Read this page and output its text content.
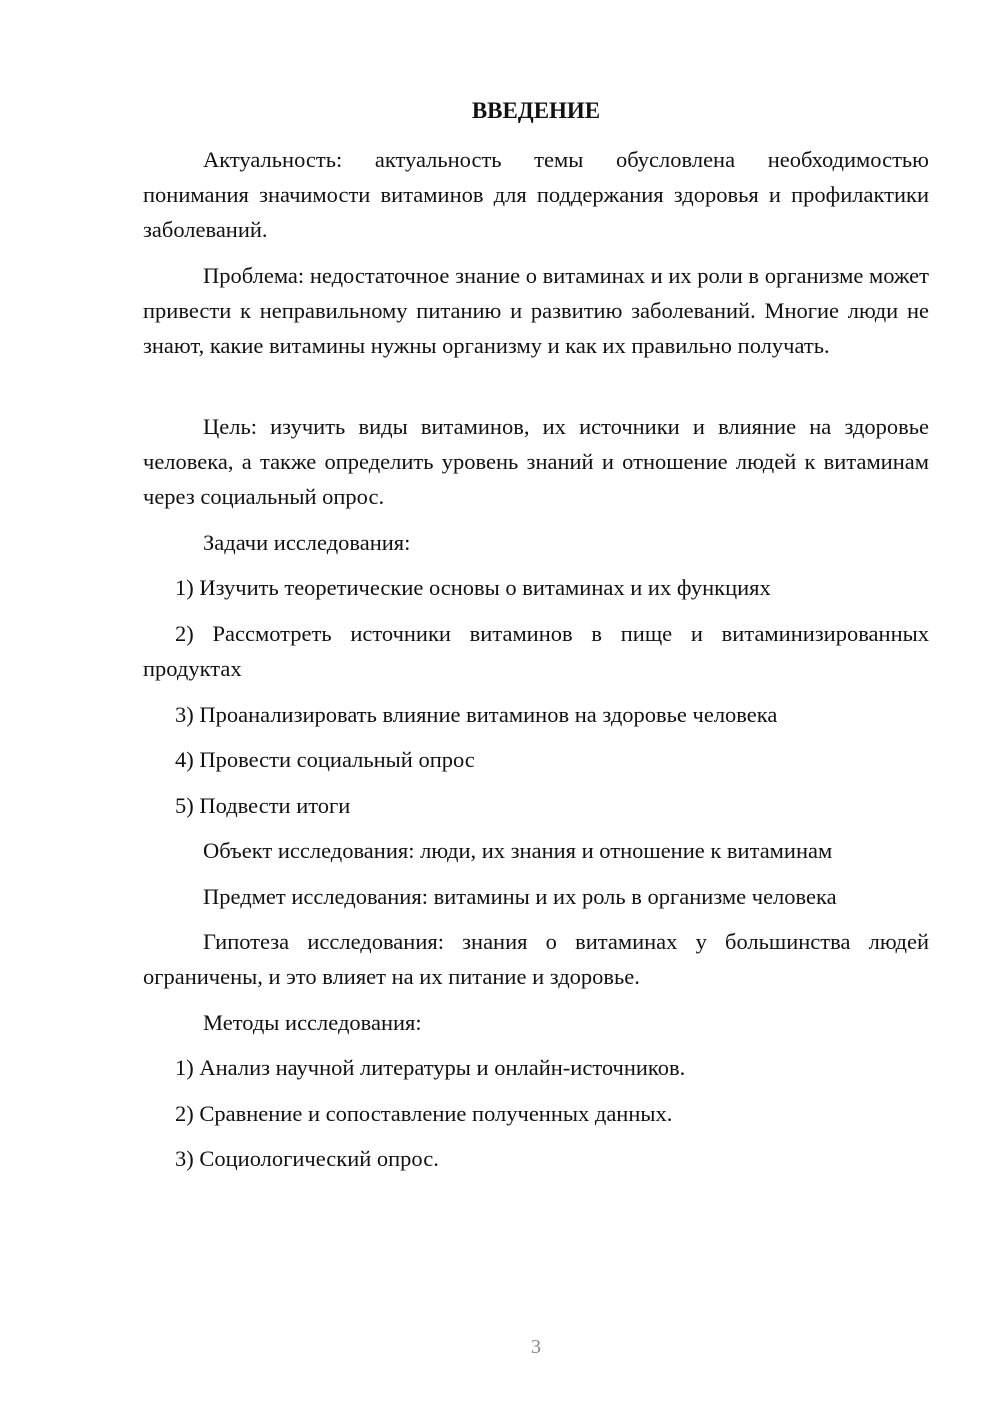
ВВЕДЕНИЕ

Актуальность: актуальность темы обусловлена необходимостью понимания значимости витаминов для поддержания здоровья и профилактики заболеваний.

Проблема: недостаточное знание о витаминах и их роли в организме может привести к неправильному питанию и развитию заболеваний. Многие люди не знают, какие витамины нужны организму и как их правильно получать.

Цель: изучить виды витаминов, их источники и влияние на здоровье человека, а также определить уровень знаний и отношение людей к витаминам через социальный опрос.

Задачи исследования:

1) Изучить теоретические основы о витаминах и их функциях

2) Рассмотреть источники витаминов в пище и витаминизированных продуктах

3) Проанализировать влияние витаминов на здоровье человека

4) Провести социальный опрос

5) Подвести итоги

Объект исследования: люди, их знания и отношение к витаминам

Предмет исследования: витамины и их роль в организме человека

Гипотеза исследования: знания о витаминах у большинства людей ограничены, и это влияет на их питание и здоровье.

Методы исследования:

1) Анализ научной литературы и онлайн-источников.

2) Сравнение и сопоставление полученных данных.

3) Социологический опрос.

3
